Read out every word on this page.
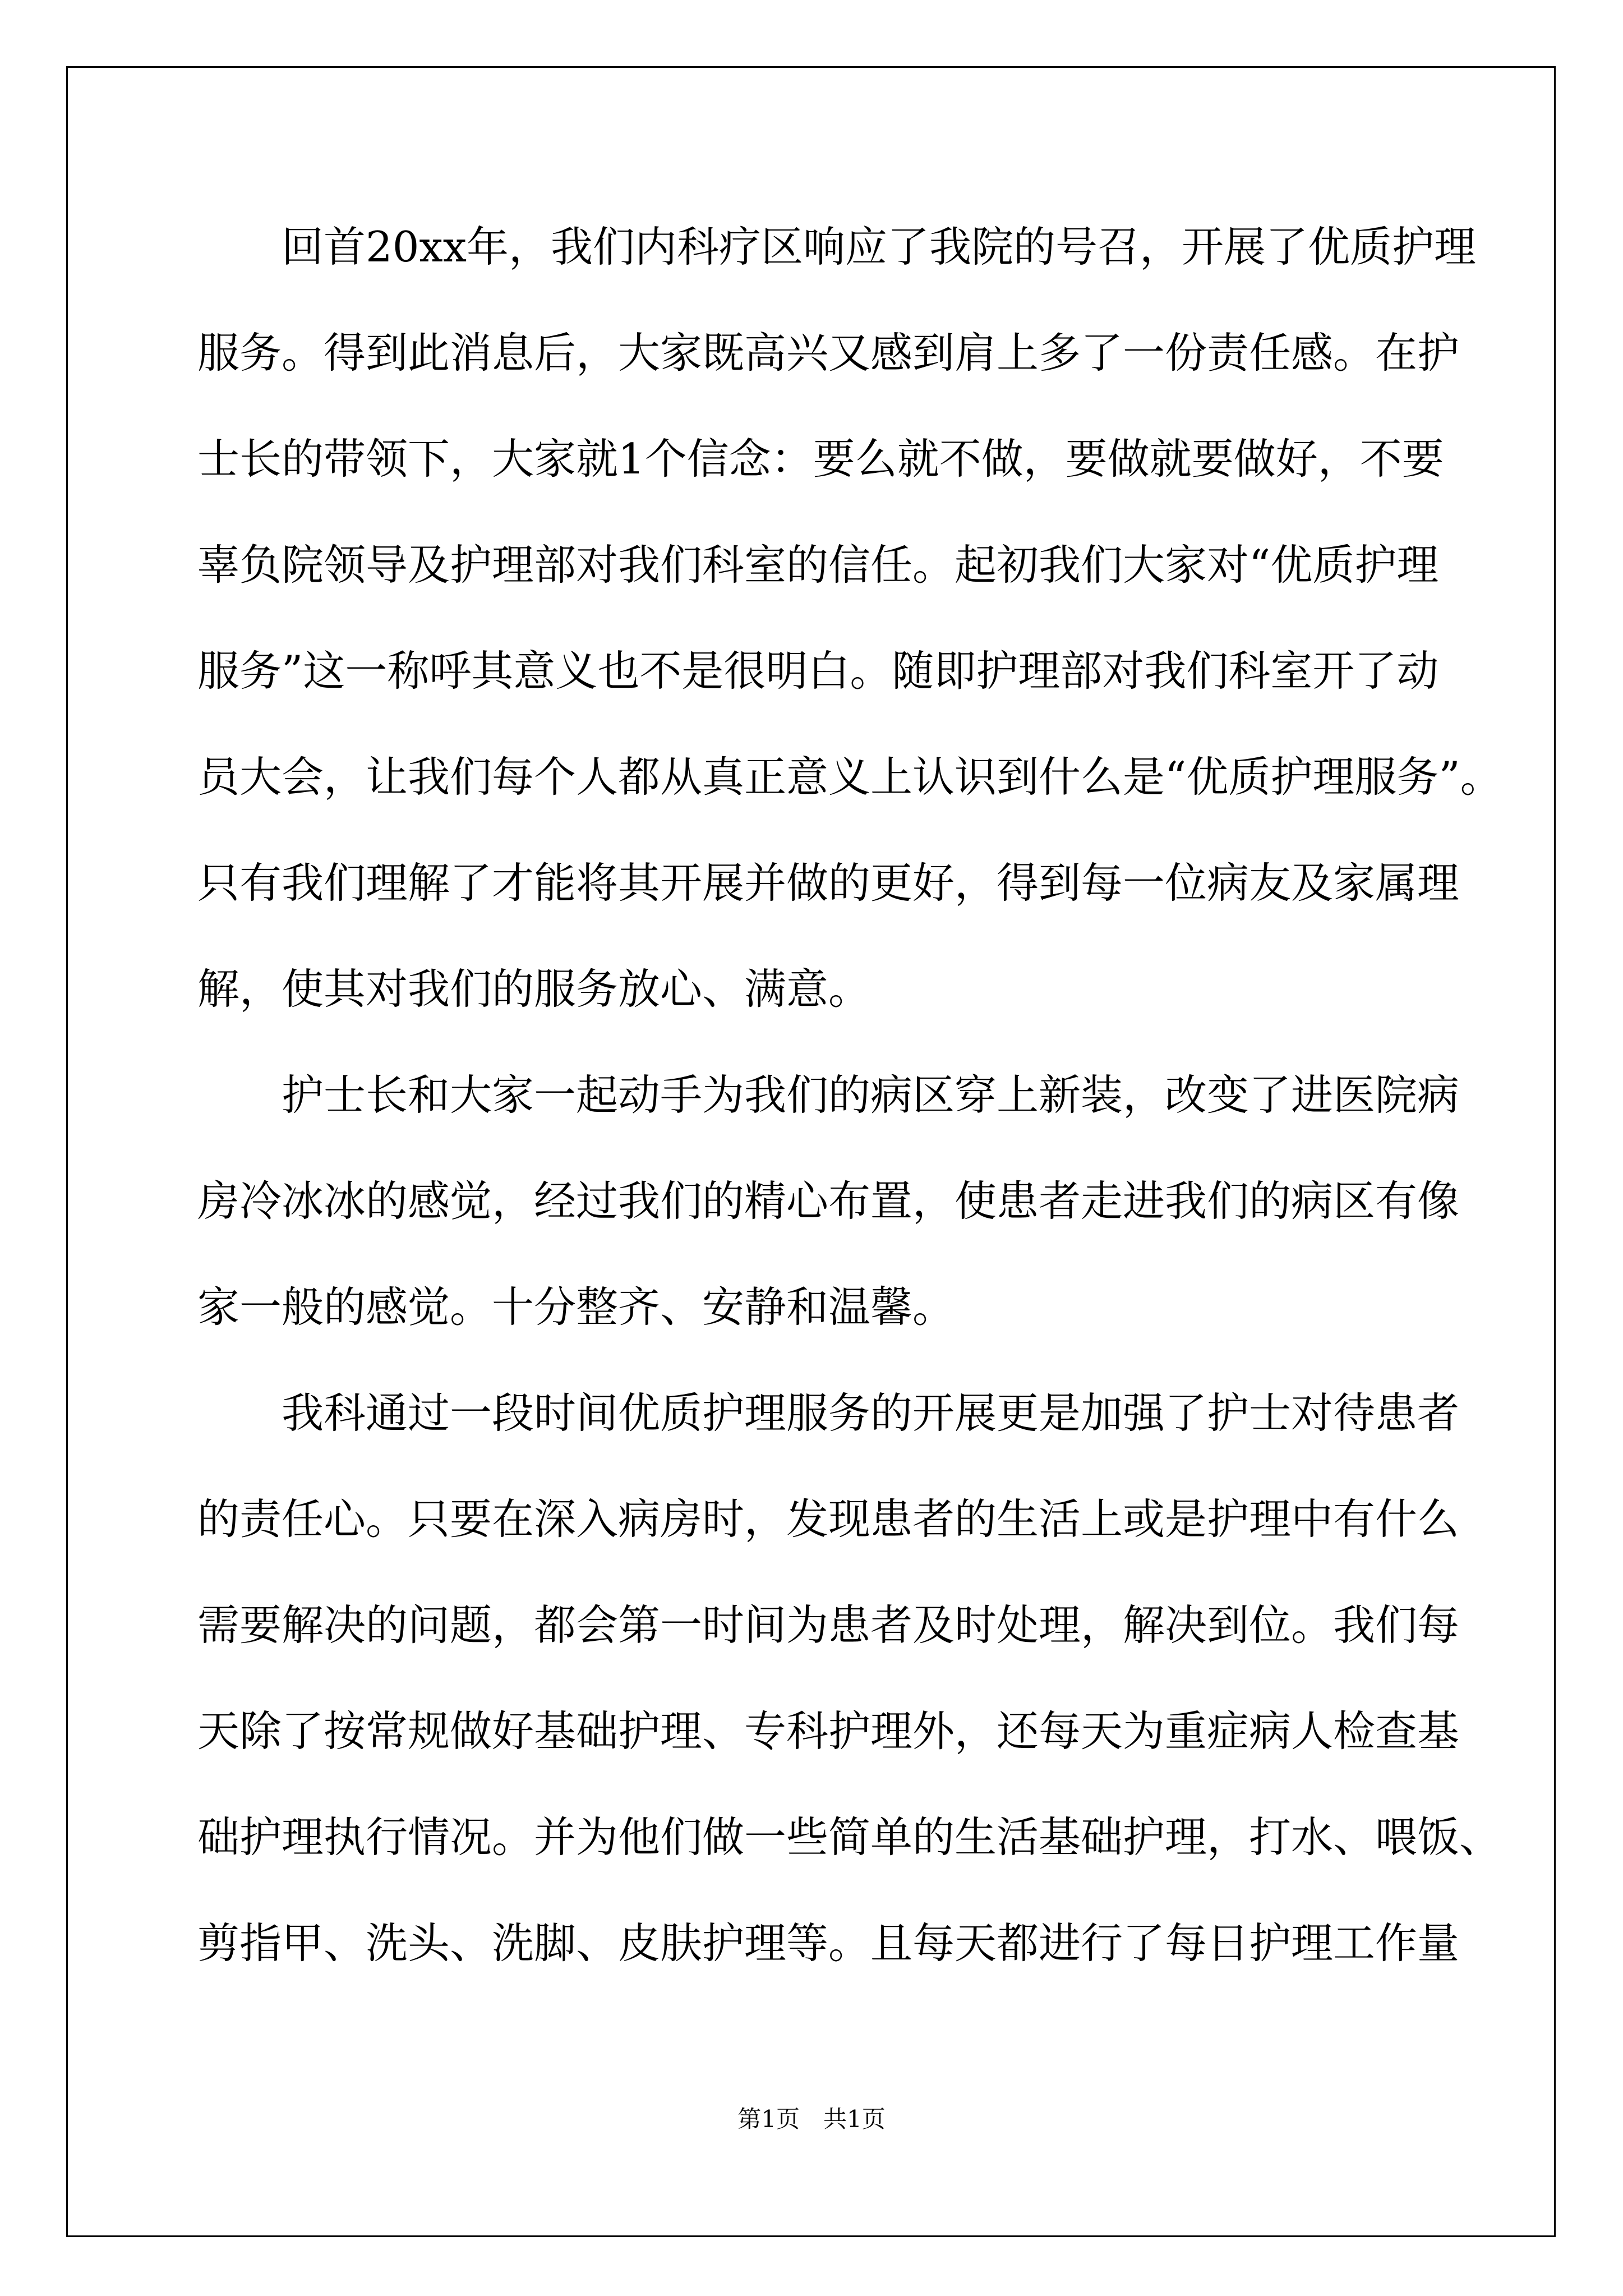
　　回首20xx年，我们内科疗区响应了我院的号召，开展了优质护理
服务。得到此消息后，大家既高兴又感到肩上多了一份责任感。在护
士长的带领下，大家就1个信念：要么就不做，要做就要做好，不要
辜负院领导及护理部对我们科室的信任。起初我们大家对“优质护理
服务”这一称呼其意义也不是很明白。随即护理部对我们科室开了动
员大会，让我们每个人都从真正意义上认识到什么是“优质护理服务”。
只有我们理解了才能将其开展并做的更好，得到每一位病友及家属理
解，使其对我们的服务放心、满意。
　　护士长和大家一起动手为我们的病区穿上新装，改变了进医院病
房冷冰冰的感觉，经过我们的精心布置，使患者走进我们的病区有像
家一般的感觉。十分整齐、安静和温馨。
　　我科通过一段时间优质护理服务的开展更是加强了护士对待患者
的责任心。只要在深入病房时，发现患者的生活上或是护理中有什么
需要解决的问题，都会第一时间为患者及时处理，解决到位。我们每
天除了按常规做好基础护理、专科护理外，还每天为重症病人检查基
础护理执行情况。并为他们做一些简单的生活基础护理，打水、喂饭、
剪指甲、洗头、洗脚、皮肤护理等。且每天都进行了每日护理工作量
第1页　共1页
